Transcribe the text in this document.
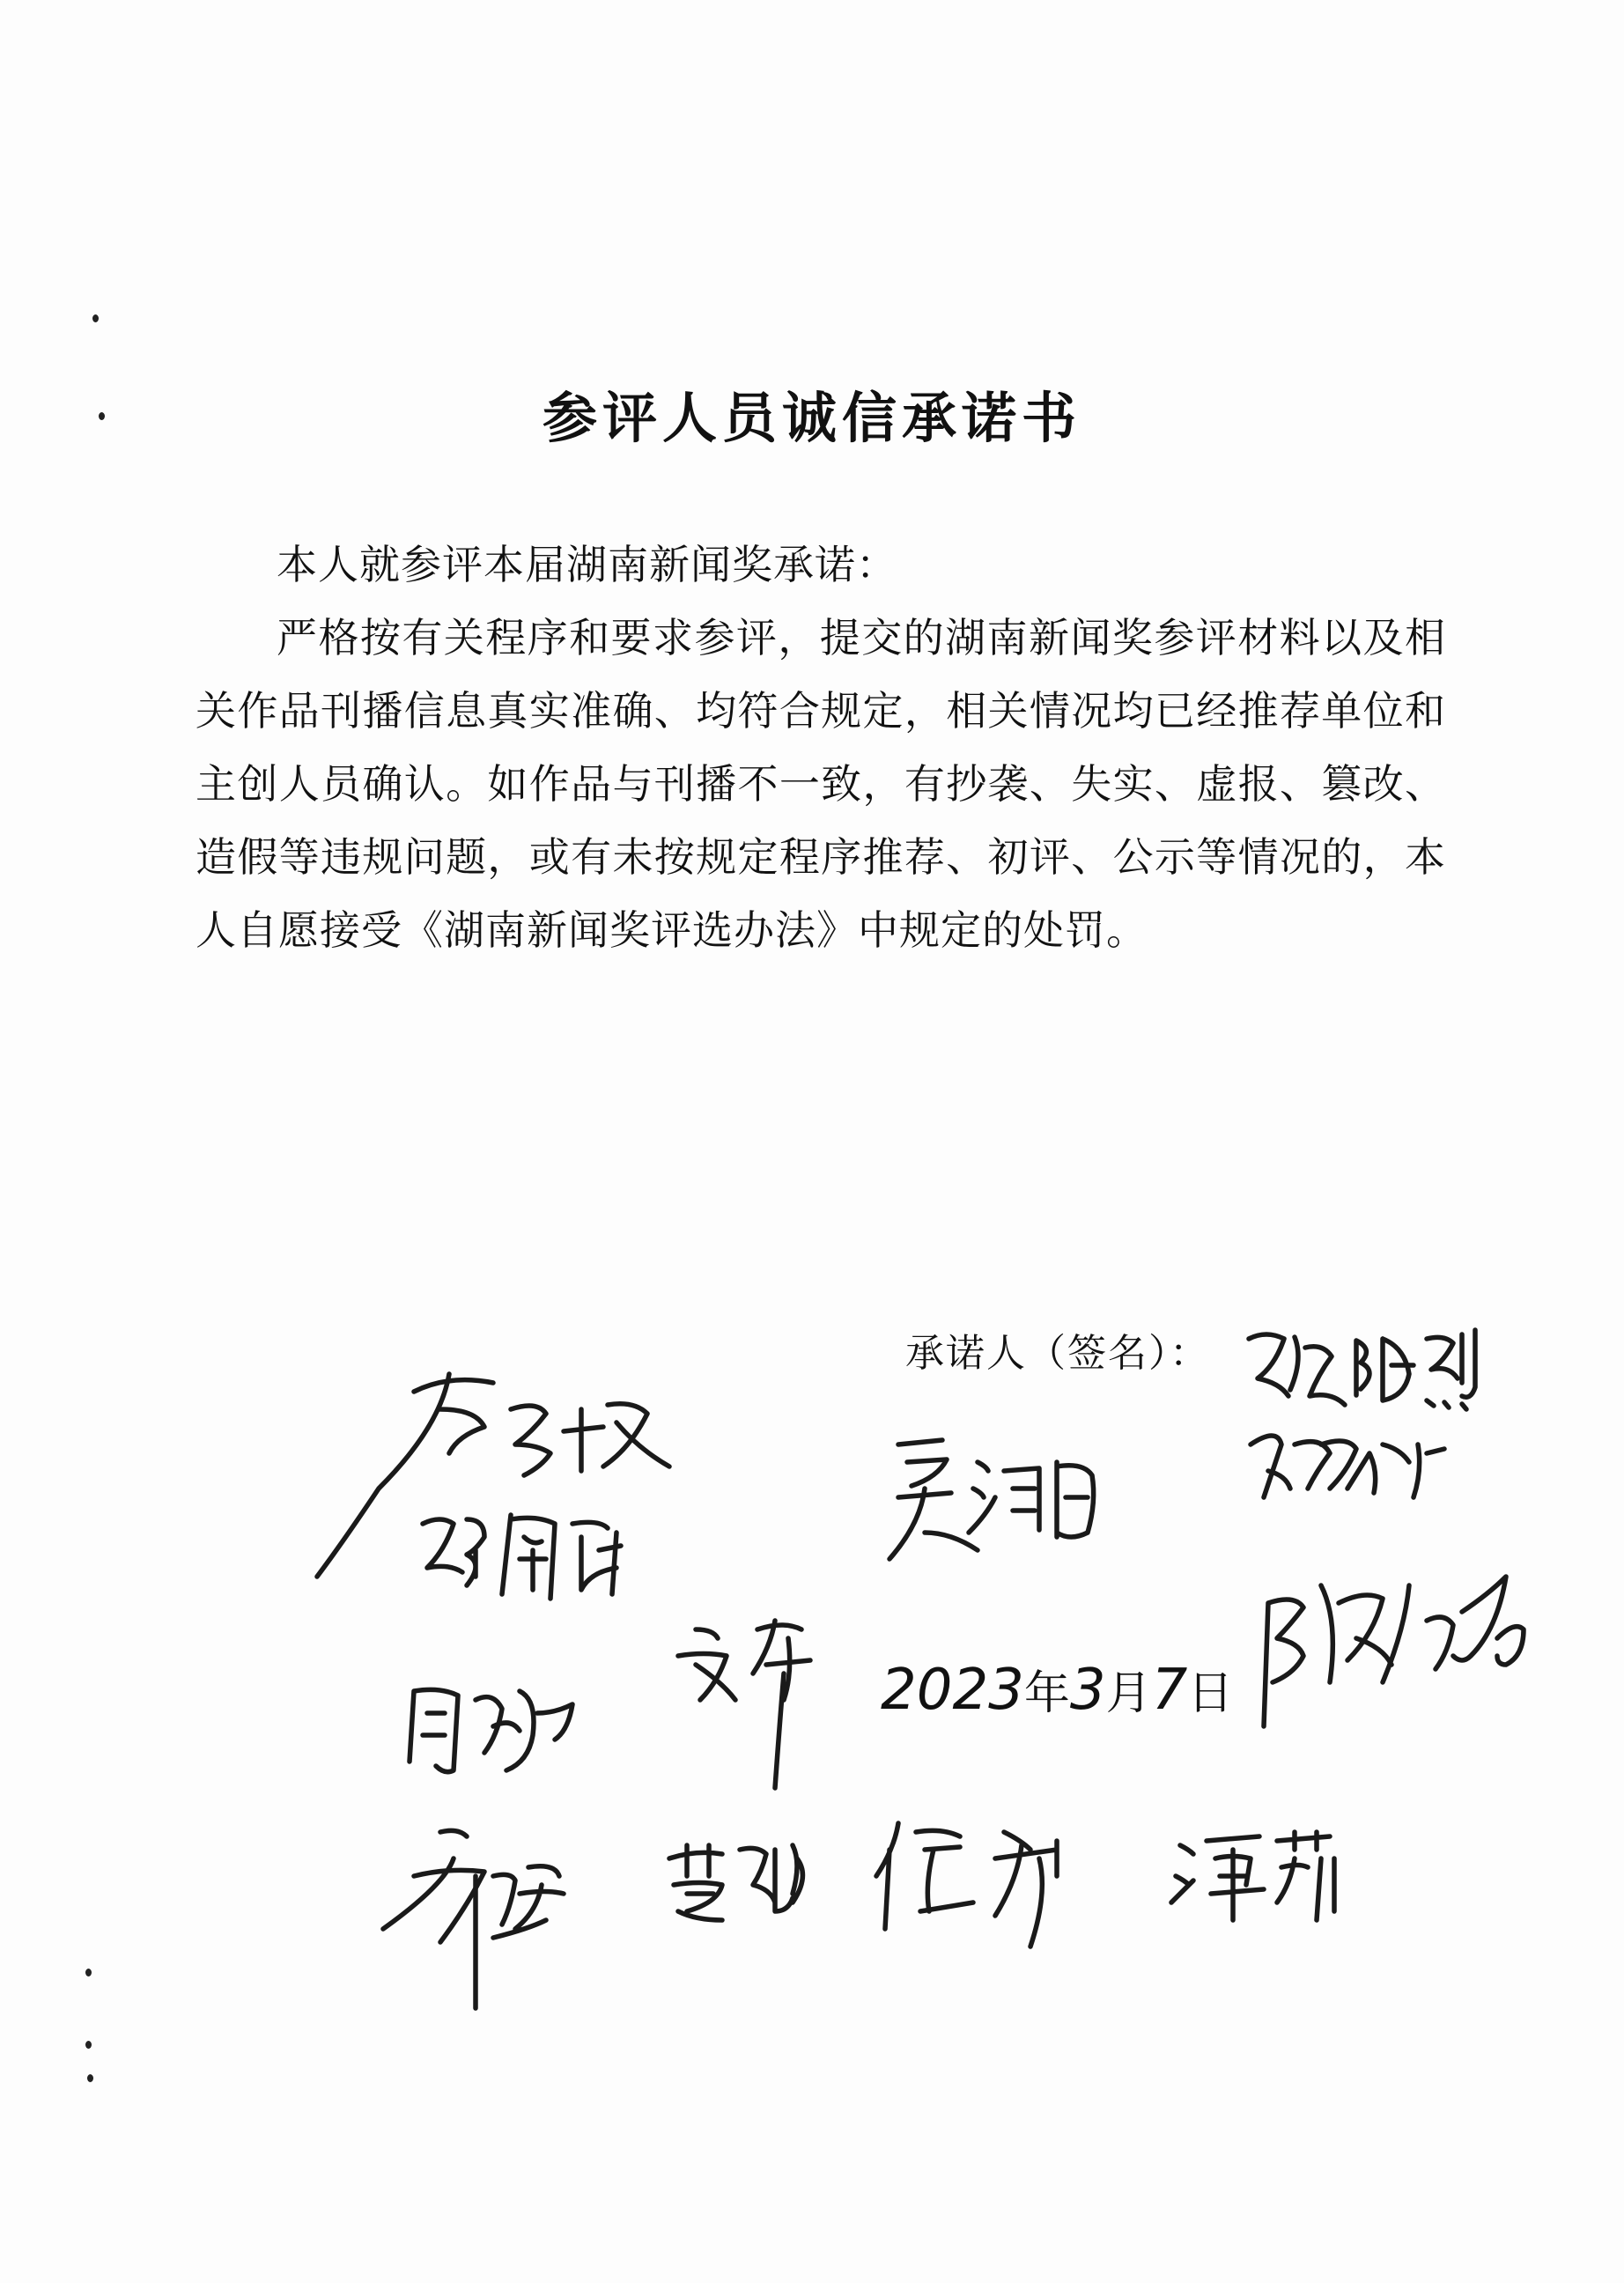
参评人员诚信承诺书

本人就参评本届湖南新闻奖承诺：

严格按有关程序和要求参评，提交的湖南新闻奖参评材料以及相关作品刊播信息真实准确、均符合规定，相关情况均已经推荐单位和主创人员确认。如作品与刊播不一致，有抄袭、失实、虚报、篡改、造假等违规问题，或有未按规定程序推荐、初评、公示等情况的，本人自愿接受《湖南新闻奖评选办法》中规定的处罚。

承诺人（签名）：
2023年3月7日
